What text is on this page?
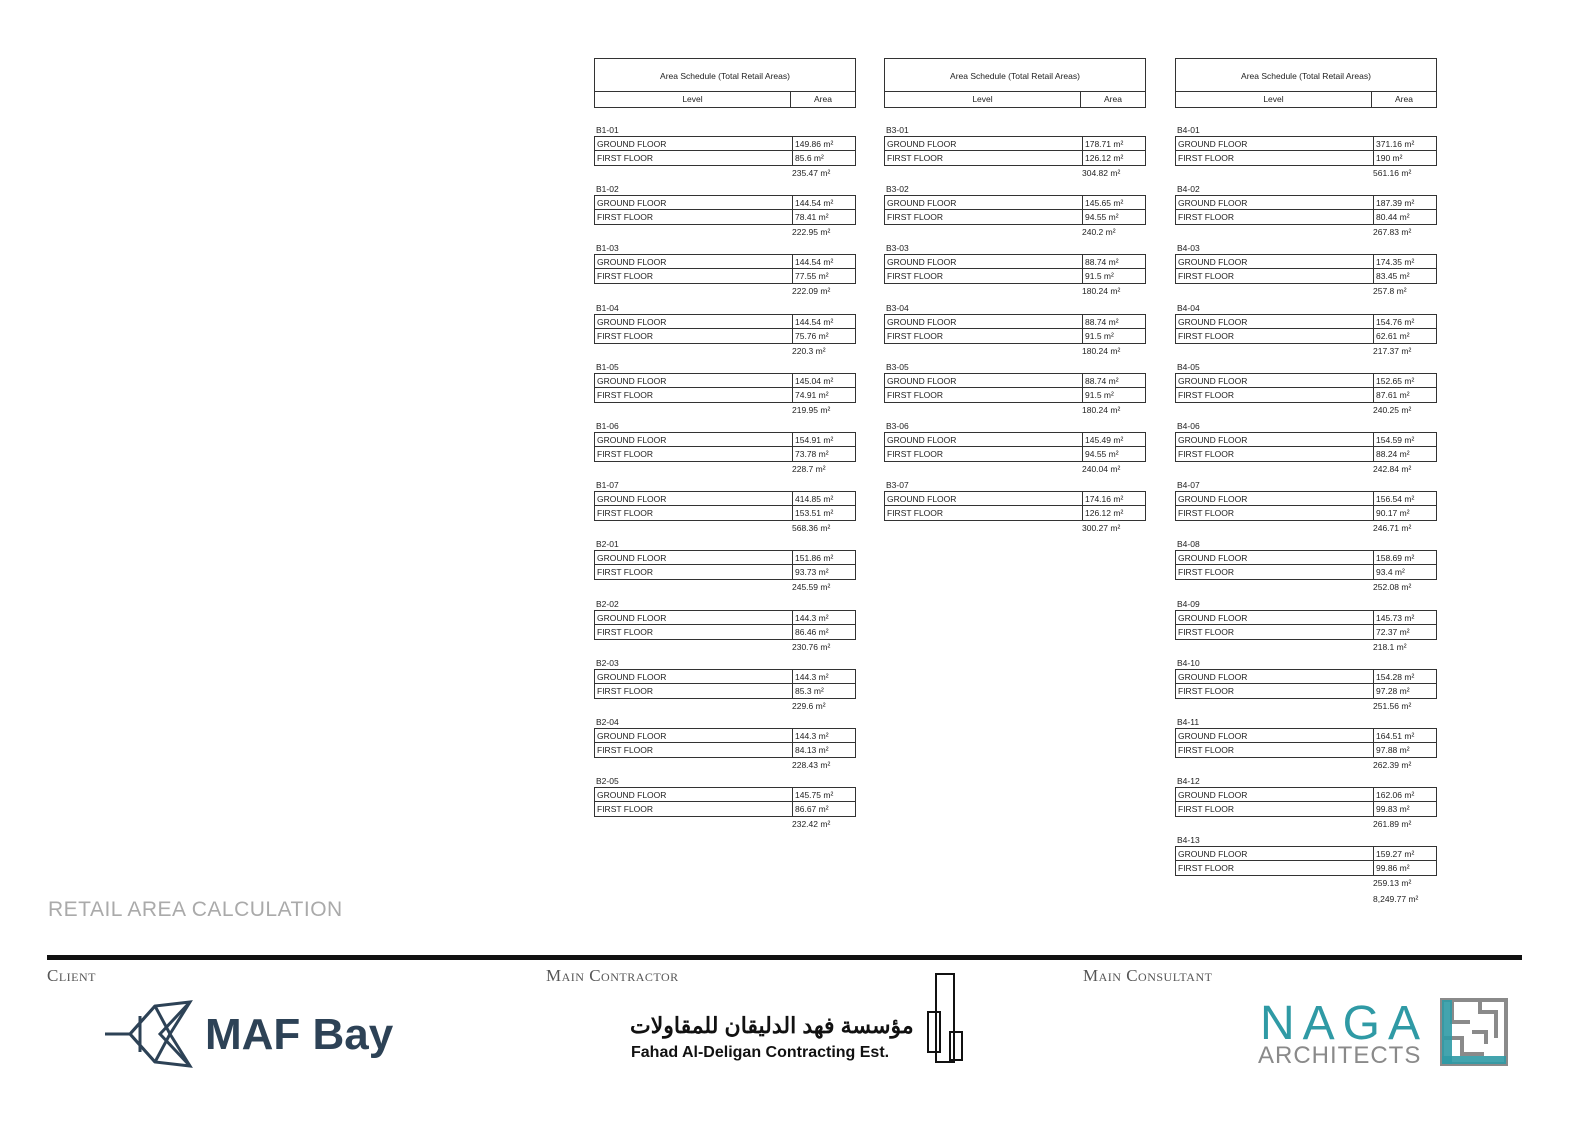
Area Schedule (Total Retail Areas)
Level	Area
B1-01
GROUND FLOOR	149.86 m²
FIRST FLOOR	85.6 m²
235.47 m²
B1-02
GROUND FLOOR	144.54 m²
FIRST FLOOR	78.41 m²
222.95 m²
B1-03
GROUND FLOOR	144.54 m²
FIRST FLOOR	77.55 m²
222.09 m²
B1-04
GROUND FLOOR	144.54 m²
FIRST FLOOR	75.76 m²
220.3 m²
B1-05
GROUND FLOOR	145.04 m²
FIRST FLOOR	74.91 m²
219.95 m²
B1-06
GROUND FLOOR	154.91 m²
FIRST FLOOR	73.78 m²
228.7 m²
B1-07
GROUND FLOOR	414.85 m²
FIRST FLOOR	153.51 m²
568.36 m²
B2-01
GROUND FLOOR	151.86 m²
FIRST FLOOR	93.73 m²
245.59 m²
B2-02
GROUND FLOOR	144.3 m²
FIRST FLOOR	86.46 m²
230.76 m²
B2-03
GROUND FLOOR	144.3 m²
FIRST FLOOR	85.3 m²
229.6 m²
B2-04
GROUND FLOOR	144.3 m²
FIRST FLOOR	84.13 m²
228.43 m²
B2-05
GROUND FLOOR	145.75 m²
FIRST FLOOR	86.67 m²
232.42 m²
Area Schedule (Total Retail Areas)
Level	Area
B3-01
GROUND FLOOR	178.71 m²
FIRST FLOOR	126.12 m²
304.82 m²
B3-02
GROUND FLOOR	145.65 m²
FIRST FLOOR	94.55 m²
240.2 m²
B3-03
GROUND FLOOR	88.74 m²
FIRST FLOOR	91.5 m²
180.24 m²
B3-04
GROUND FLOOR	88.74 m²
FIRST FLOOR	91.5 m²
180.24 m²
B3-05
GROUND FLOOR	88.74 m²
FIRST FLOOR	91.5 m²
180.24 m²
B3-06
GROUND FLOOR	145.49 m²
FIRST FLOOR	94.55 m²
240.04 m²
B3-07
GROUND FLOOR	174.16 m²
FIRST FLOOR	126.12 m²
300.27 m²
Area Schedule (Total Retail Areas)
Level	Area
B4-01
GROUND FLOOR	371.16 m²
FIRST FLOOR	190 m²
561.16 m²
B4-02
GROUND FLOOR	187.39 m²
FIRST FLOOR	80.44 m²
267.83 m²
B4-03
GROUND FLOOR	174.35 m²
FIRST FLOOR	83.45 m²
257.8 m²
B4-04
GROUND FLOOR	154.76 m²
FIRST FLOOR	62.61 m²
217.37 m²
B4-05
GROUND FLOOR	152.65 m²
FIRST FLOOR	87.61 m²
240.25 m²
B4-06
GROUND FLOOR	154.59 m²
FIRST FLOOR	88.24 m²
242.84 m²
B4-07
GROUND FLOOR	156.54 m²
FIRST FLOOR	90.17 m²
246.71 m²
B4-08
GROUND FLOOR	158.69 m²
FIRST FLOOR	93.4 m²
252.08 m²
B4-09
GROUND FLOOR	145.73 m²
FIRST FLOOR	72.37 m²
218.1 m²
B4-10
GROUND FLOOR	154.28 m²
FIRST FLOOR	97.28 m²
251.56 m²
B4-11
GROUND FLOOR	164.51 m²
FIRST FLOOR	97.88 m²
262.39 m²
B4-12
GROUND FLOOR	162.06 m²
FIRST FLOOR	99.83 m²
261.89 m²
B4-13
GROUND FLOOR	159.27 m²
FIRST FLOOR	99.86 m²
259.13 m²
8,249.77 m²
RETAIL AREA CALCULATION
Client	Main Contractor	Main Consultant
MAF Bay	مؤسسة فهد الدليقان للمقاولات
Fahad Al-Deligan Contracting Est.
NAGA
ARCHITECTS
